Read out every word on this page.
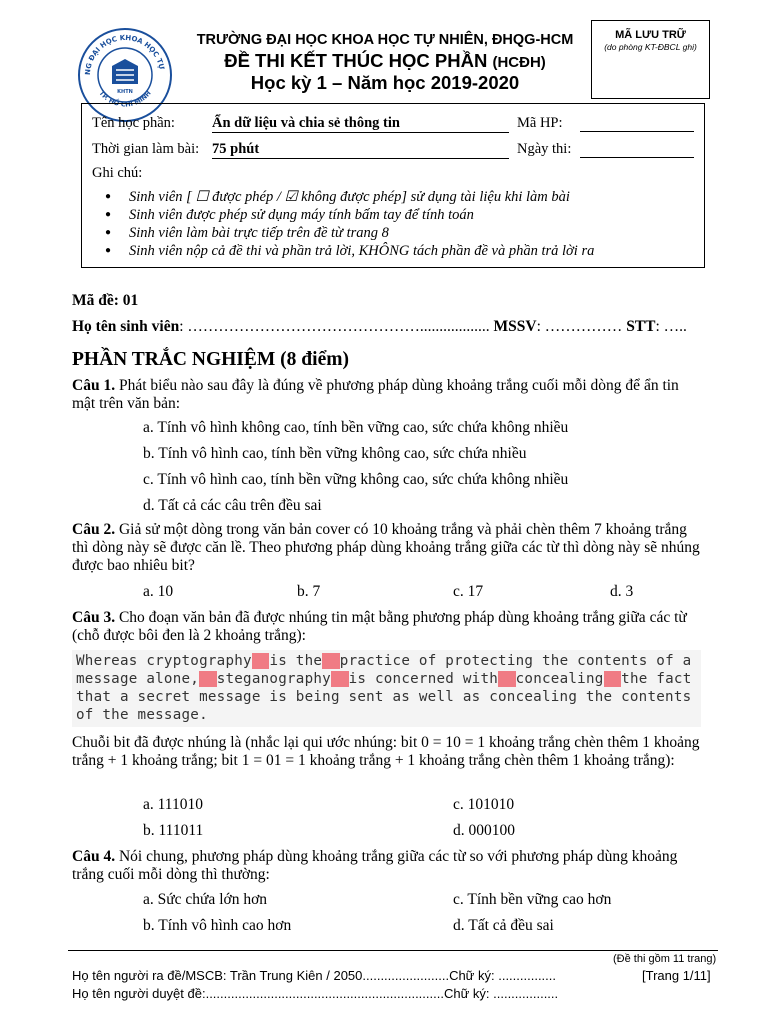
NG ĐẠI HỌC KHOA HỌC TỰ
TP. HỒ CHÍ MINH
KHTN
TRƯỜNG ĐẠI HỌC KHOA HỌC TỰ NHIÊN, ĐHQG-HCM
ĐỀ THI KẾT THÚC HỌC PHẦN (HCĐH)
Học kỳ 1 – Năm học 2019-2020
MÃ LƯU TRỮ
(do phòng KT-ĐBCL ghi)
Tên học phần:	Ẩn dữ liệu và chia sẻ thông tin	Mã HP:
Thời gian làm bài: 75 phút	Ngày thi:
Ghi chú:
● Sinh viên [ ☐ được phép / ☑ không được phép] sử dụng tài liệu khi làm bài
● Sinh viên được phép sử dụng máy tính bấm tay để tính toán
● Sinh viên làm bài trực tiếp trên đề từ trang 8
● Sinh viên nộp cả đề thi và phần trả lời, KHÔNG tách phần đề và phần trả lời ra
Mã đề: 01
Họ tên sinh viên: ……………………………………….................. MSSV: …………… STT: …..
PHẦN TRẮC NGHIỆM (8 điểm)
Câu 1. Phát biểu nào sau đây là đúng về phương pháp dùng khoảng trắng cuối mỗi dòng để ẩn tin mật trên văn bản:
a. Tính vô hình không cao, tính bền vững cao, sức chứa không nhiều
b. Tính vô hình cao, tính bền vững không cao, sức chứa nhiều
c. Tính vô hình cao, tính bền vững không cao, sức chứa không nhiều
d. Tất cả các câu trên đều sai
Câu 2. Giả sử một dòng trong văn bản cover có 10 khoảng trắng và phải chèn thêm 7 khoảng trắng thì dòng này sẽ được căn lề. Theo phương pháp dùng khoảng trắng giữa các từ thì dòng này sẽ nhúng được bao nhiêu bit?
a. 10	b. 7	c. 17	d. 3
Câu 3. Cho đoạn văn bản đã được nhúng tin mật bằng phương pháp dùng khoảng trắng giữa các từ (chỗ được bôi đen là 2 khoảng trắng):
Whereas cryptography··is the··practice of protecting the contents of a
message alone,··steganography··is concerned with··concealing··the fact
that a secret message is being sent as well as concealing the contents
of the message.
Chuỗi bit đã được nhúng là (nhắc lại qui ước nhúng: bit 0 = 10 = 1 khoảng trắng chèn thêm 1 khoảng trắng + 1 khoảng trắng; bit 1 = 01 = 1 khoảng trắng + 1 khoảng trắng chèn thêm 1 khoảng trắng):
a. 111010	c. 101010
b. 111011	d. 000100
Câu 4. Nói chung, phương pháp dùng khoảng trắng giữa các từ so với phương pháp dùng khoảng trắng cuối mỗi dòng thì thường:
a. Sức chứa lớn hơn	c. Tính bền vững cao hơn
b. Tính vô hình cao hơn	d. Tất cả đều sai
(Đề thi gồm 11 trang)
Họ tên người ra đề/MSCB: Trần Trung Kiên / 2050........................Chữ ký: ................	[Trang 1/11]
Họ tên người duyệt đề:..................................................................Chữ ký: ..................
